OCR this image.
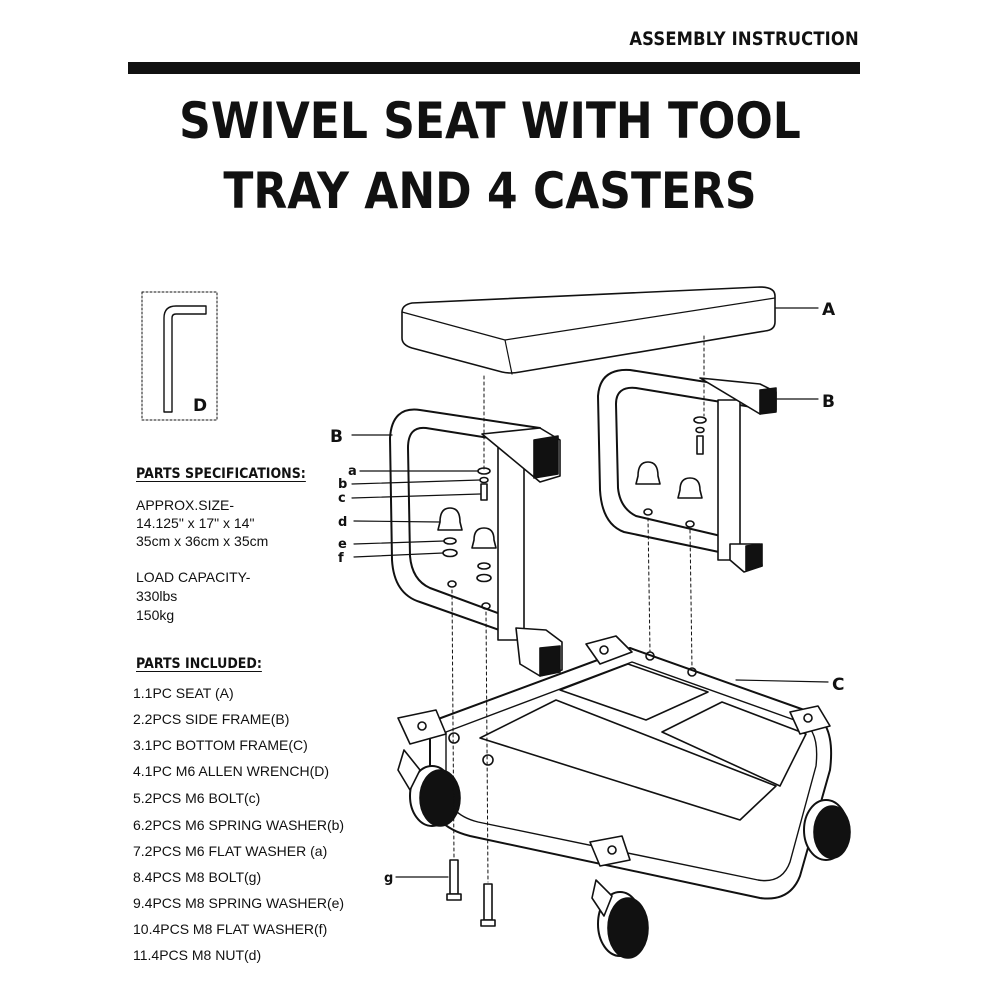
ASSEMBLY INSTRUCTION
SWIVEL SEAT WITH TOOL
TRAY AND 4 CASTERS
A
B
B
C
D
a
b
c
d
e
f
g
PARTS SPECIFICATIONS:
APPROX.SIZE-
14.125" x 17" x 14"
35cm x 36cm x 35cm
LOAD CAPACITY-
330lbs
150kg
PARTS INCLUDED:
1.1PC SEAT (A)
2.2PCS SIDE FRAME(B)
3.1PC BOTTOM FRAME(C)
4.1PC M6 ALLEN WRENCH(D)
5.2PCS M6 BOLT(c)
6.2PCS M6 SPRING WASHER(b)
7.2PCS M6 FLAT WASHER (a)
8.4PCS M8 BOLT(g)
9.4PCS M8 SPRING WASHER(e)
10.4PCS M8 FLAT WASHER(f)
11.4PCS M8 NUT(d)
